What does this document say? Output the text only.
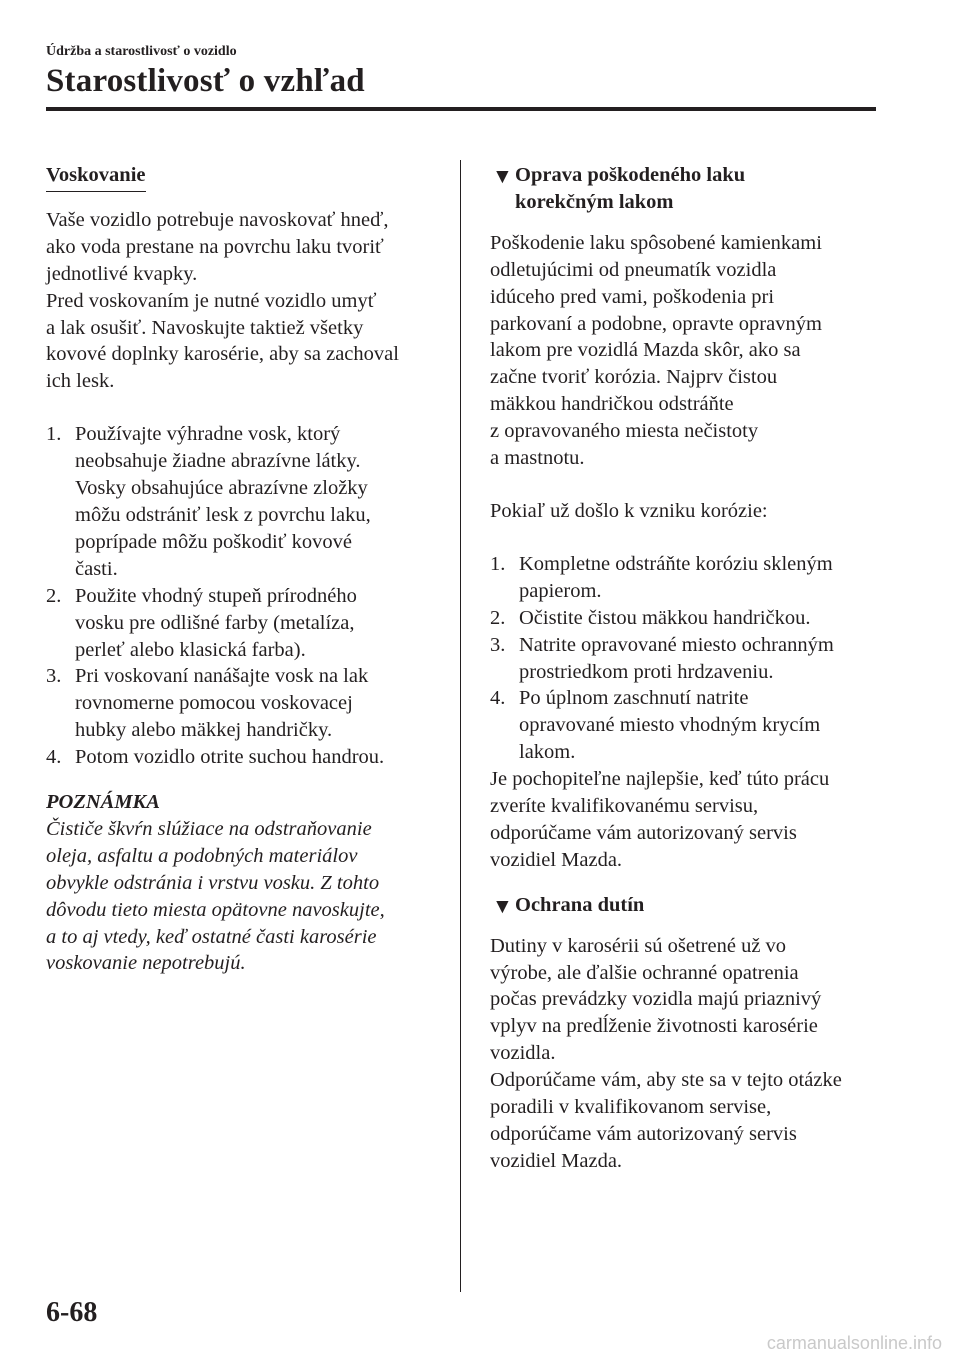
Údržba a starostlivosť o vozidlo
Starostlivosť o vzhľad
Voskovanie

Vaše vozidlo potrebuje navoskovať hneď,
ako voda prestane na povrchu laku tvoriť
jednotlivé kvapky.
Pred voskovaním je nutné vozidlo umyť
a lak osušiť. Navoskujte taktiež všetky
kovové doplnky karosérie, aby sa zachoval
ich lesk.

1. Používajte výhradne vosk, ktorý
neobsahuje žiadne abrazívne látky.
Vosky obsahujúce abrazívne zložky
môžu odstrániť lesk z povrchu laku,
poprípade môžu poškodiť kovové
časti.
2. Použite vhodný stupeň prírodného
vosku pre odlišné farby (metalíza,
perleť alebo klasická farba).
3. Pri voskovaní nanášajte vosk na lak
rovnomerne pomocou voskovacej
hubky alebo mäkkej handričky.
4. Potom vozidlo otrite suchou handrou.

POZNÁMKA

Čističe škvŕn slúžiace na odstraňovanie
oleja, asfaltu a podobných materiálov
obvykle odstránia i vrstvu vosku. Z tohto
dôvodu tieto miesta opätovne navoskujte,
a to aj vtedy, keď ostatné časti karosérie
voskovanie nepotrebujú.

▼ Oprava poškodeného laku
korekčným lakom

Poškodenie laku spôsobené kamienkami
odletujúcimi od pneumatík vozidla
idúceho pred vami, poškodenia pri
parkovaní a podobne, opravte opravným
lakom pre vozidlá Mazda skôr, ako sa
začne tvoriť korózia. Najprv čistou
mäkkou handričkou odstráňte
z opravovaného miesta nečistoty
a mastnotu.

Pokiaľ už došlo k vzniku korózie:

1. Kompletne odstráňte koróziu skleným
papierom.
2. Očistite čistou mäkkou handričkou.
3. Natrite opravované miesto ochranným
prostriedkom proti hrdzaveniu.
4. Po úplnom zaschnutí natrite
opravované miesto vhodným krycím
lakom.

Je pochopiteľne najlepšie, keď túto prácu
zveríte kvalifikovanému servisu,
odporúčame vám autorizovaný servis
vozidiel Mazda.

▼ Ochrana dutín

Dutiny v karosérii sú ošetrené už vo
výrobe, ale ďalšie ochranné opatrenia
počas prevádzky vozidla majú priaznivý
vplyv na predĺženie životnosti karosérie
vozidla.
Odporúčame vám, aby ste sa v tejto otázke
poradili v kvalifikovanom servise,
odporúčame vám autorizovaný servis
vozidiel Mazda.

6-68
carmanualsonline.info
